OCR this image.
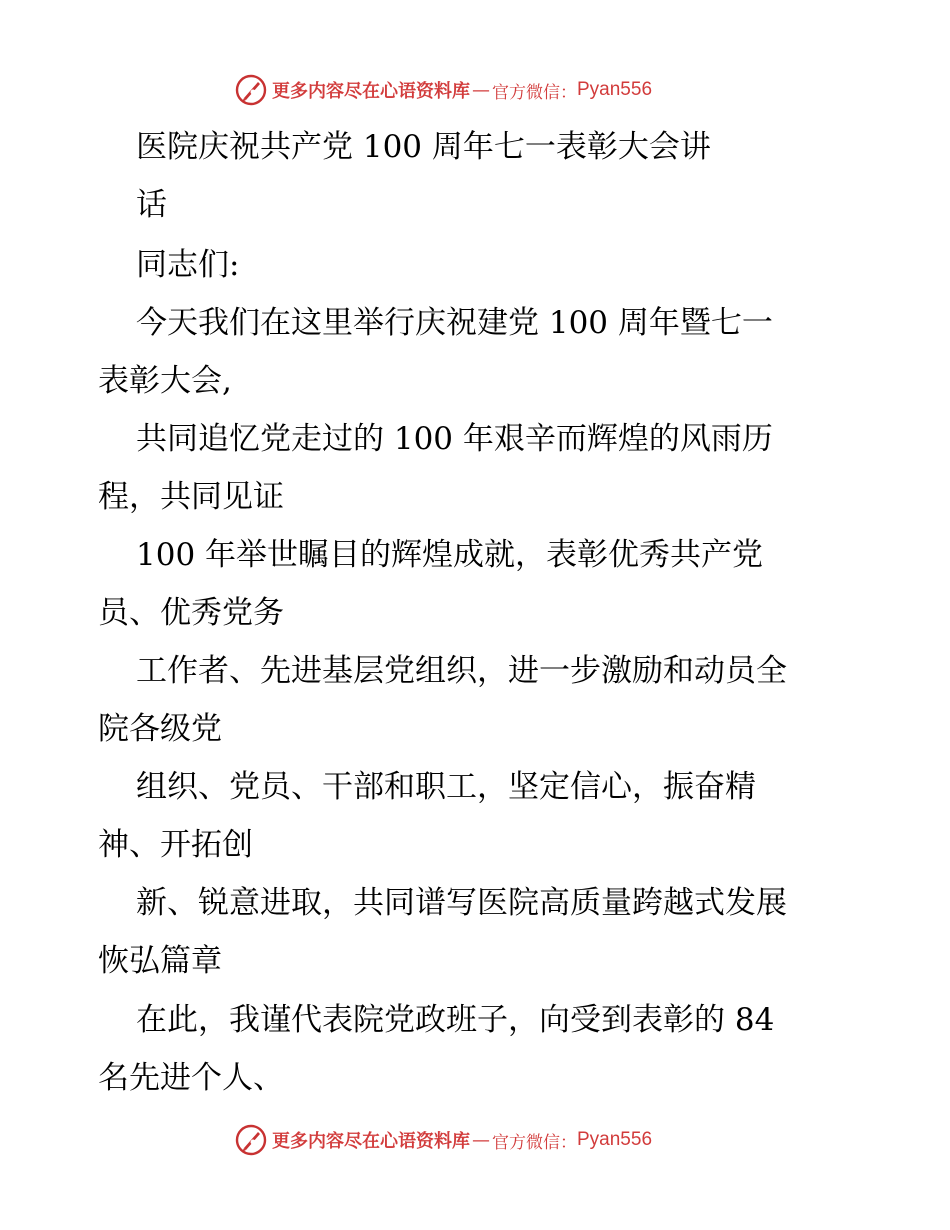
更多内容尽在心语资料库 — 官方微信： Pyan556
医院庆祝共产党 100 周年七一表彰大会讲
话
同志们:
今天我们在这里举行庆祝建党 100 周年暨七一
表彰大会,
共同追忆党走过的 100 年艰辛而辉煌的风雨历
程，共同见证
100 年举世瞩目的辉煌成就，表彰优秀共产党
员、优秀党务
工作者、先进基层党组织，进一步激励和动员全
院各级党
组织、党员、干部和职工，坚定信心，振奋精
神、开拓创
新、锐意进取，共同谱写医院高质量跨越式发展
恢弘篇章
在此，我谨代表院党政班子，向受到表彰的 84
名先进个人、
更多内容尽在心语资料库 — 官方微信： Pyan556
